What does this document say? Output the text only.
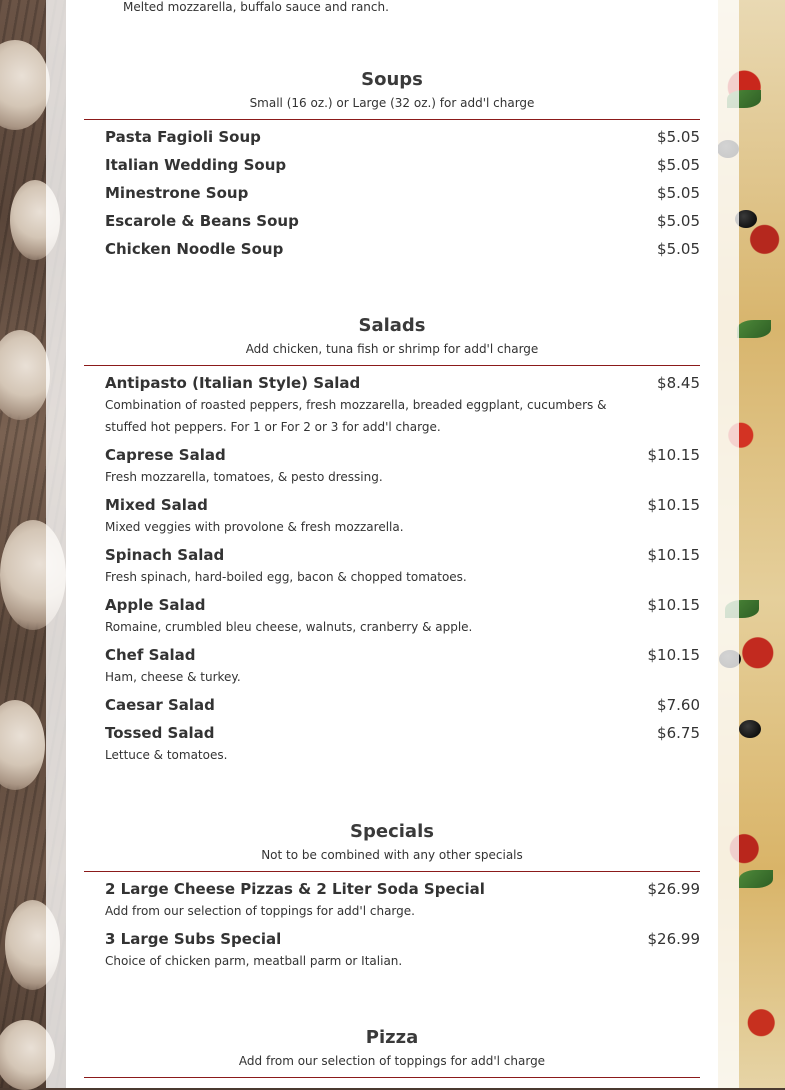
Melted mozzarella, buffalo sauce and ranch.
Soups
Small (16 oz.) or Large (32 oz.) for add'l charge
Pasta Fagioli Soup	$5.05
Italian Wedding Soup	$5.05
Minestrone Soup	$5.05
Escarole & Beans Soup	$5.05
Chicken Noodle Soup	$5.05
Salads
Add chicken, tuna fish or shrimp for add'l charge
Antipasto (Italian Style) Salad	$8.45
Combination of roasted peppers, fresh mozzarella, breaded eggplant, cucumbers & stuffed hot peppers. For 1 or For 2 or 3 for add'l charge.
Caprese Salad	$10.15
Fresh mozzarella, tomatoes, & pesto dressing.
Mixed Salad	$10.15
Mixed veggies with provolone & fresh mozzarella.
Spinach Salad	$10.15
Fresh spinach, hard-boiled egg, bacon & chopped tomatoes.
Apple Salad	$10.15
Romaine, crumbled bleu cheese, walnuts, cranberry & apple.
Chef Salad	$10.15
Ham, cheese & turkey.
Caesar Salad	$7.60
Tossed Salad	$6.75
Lettuce & tomatoes.
Specials
Not to be combined with any other specials
2 Large Cheese Pizzas & 2 Liter Soda Special	$26.99
Add from our selection of toppings for add'l charge.
3 Large Subs Special	$26.99
Choice of chicken parm, meatball parm or Italian.
Pizza
Add from our selection of toppings for add'l charge
